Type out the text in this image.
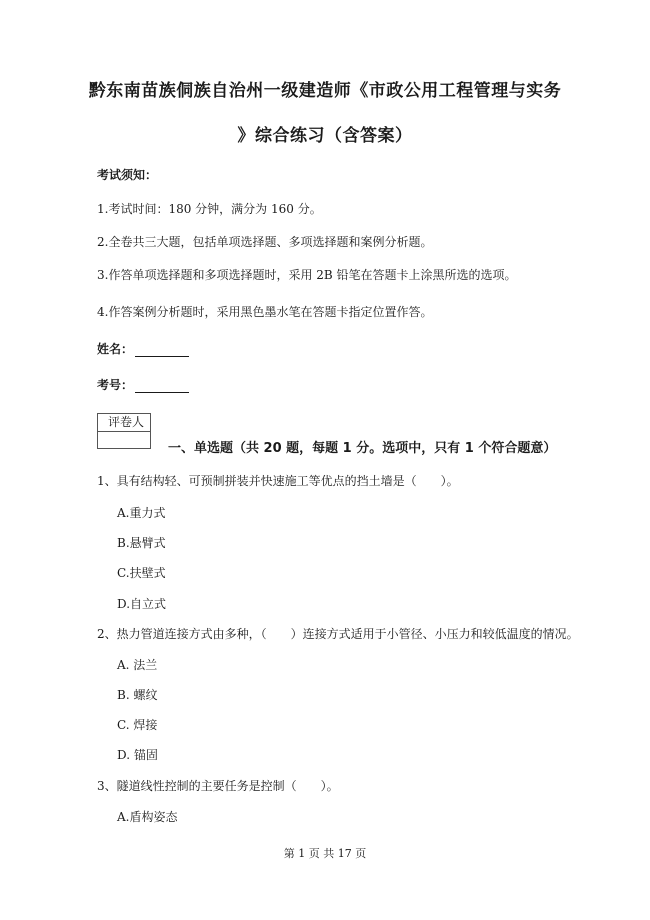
黔东南苗族侗族自治州一级建造师《市政公用工程管理与实务
》综合练习（含答案）
考试须知：
1.考试时间：180 分钟，满分为 160 分。
2.全卷共三大题，包括单项选择题、多项选择题和案例分析题。
3.作答单项选择题和多项选择题时，采用 2B 铅笔在答题卡上涂黑所选的选项。
4.作答案例分析题时，采用黑色墨水笔在答题卡指定位置作答。
姓名：
考号：
评卷人
一、单选题（共 20 题，每题 1 分。选项中，只有 1 个符合题意）
1、具有结构轻、可预制拼装并快速施工等优点的挡土墙是（　　）。
A.重力式
B.悬臂式
C.扶壁式
D.自立式
2、热力管道连接方式由多种，（　　）连接方式适用于小管径、小压力和较低温度的情况。
A. 法兰
B. 螺纹
C. 焊接
D. 锚固
3、隧道线性控制的主要任务是控制（　　）。
A.盾构姿态
第 1 页 共 17 页
